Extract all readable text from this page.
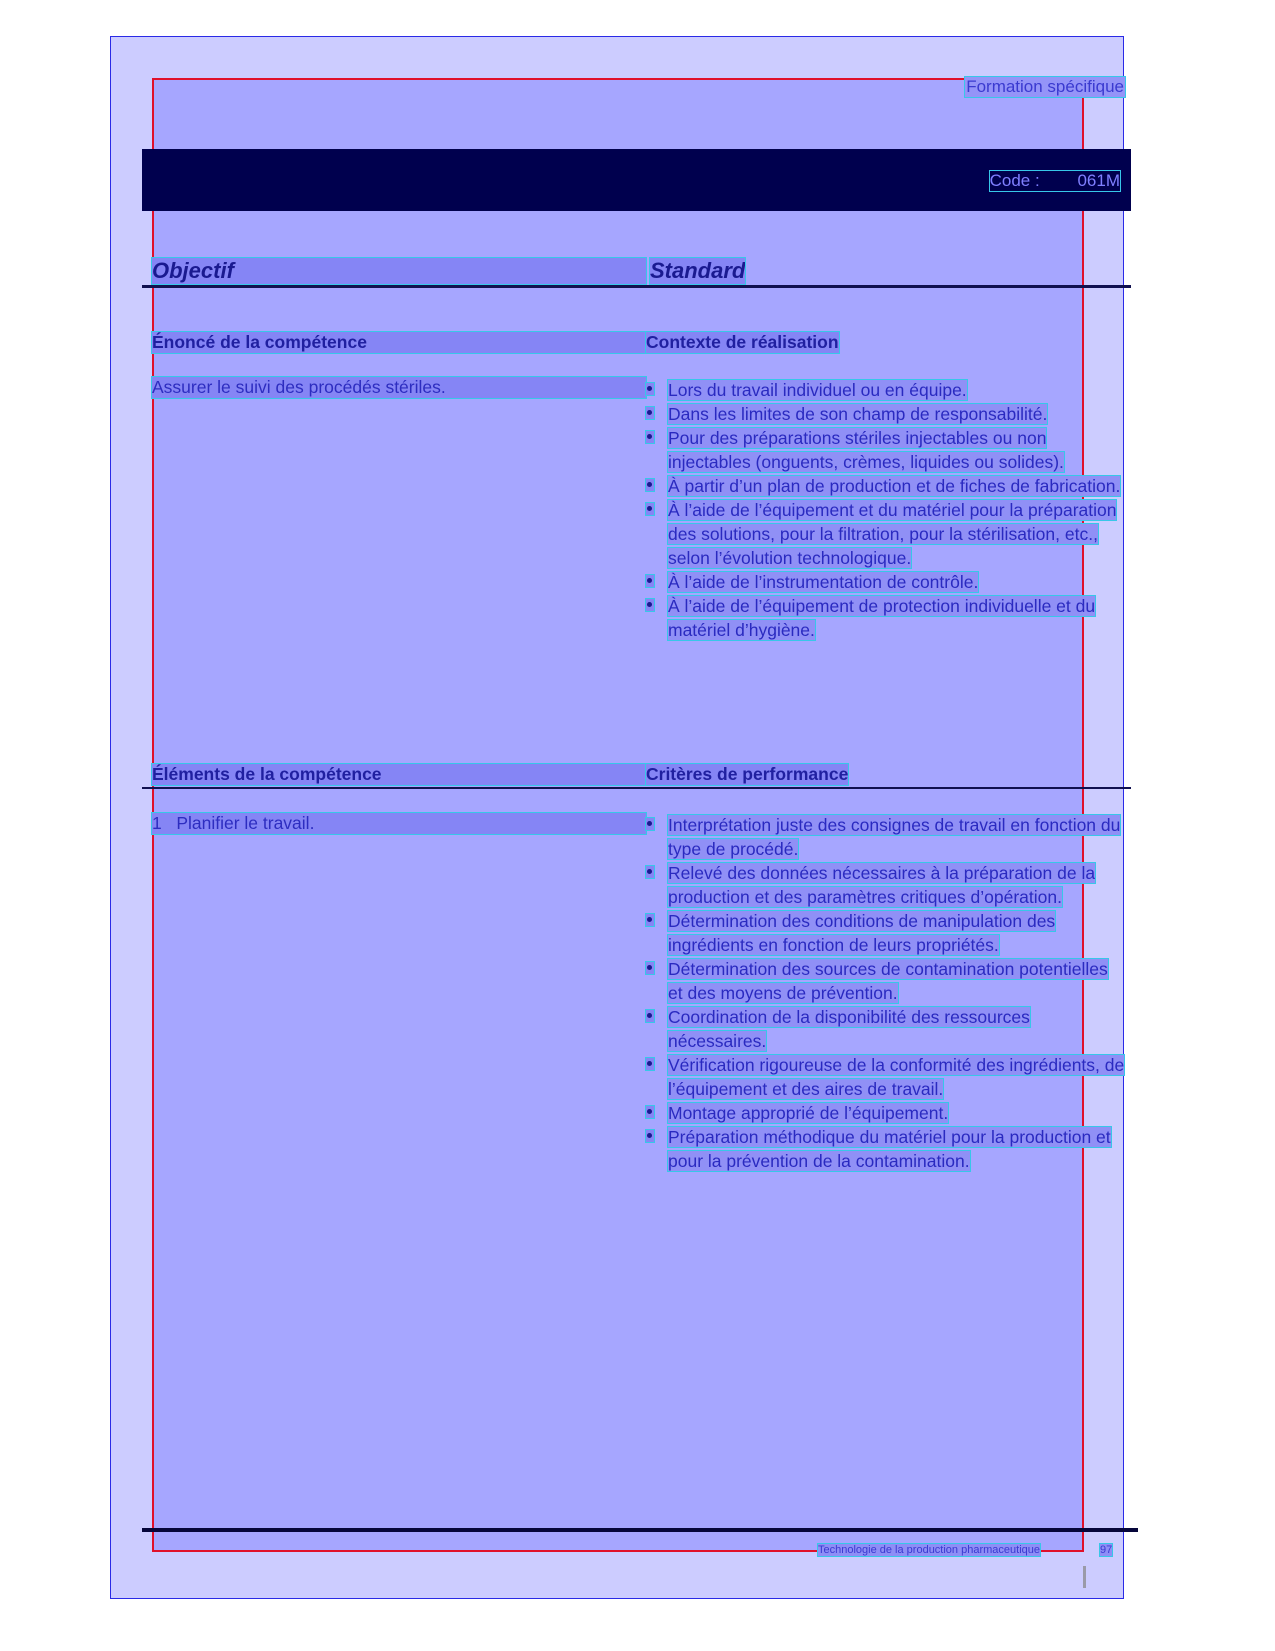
Formation spécifique
Code :        061M
Objectif	Standard
Énoncé de la compétence	Contexte de réalisation
Assurer le suivi des procédés stériles.	Lors du travail individuel ou en équipe.
Dans les limites de son champ de responsabilité.
Pour des préparations stériles injectables ou non injectables (onguents, crèmes, liquides ou solides).
À partir d’un plan de production et de fiches de fabrication.
À l’aide de l’équipement et du matériel pour la préparation des solutions, pour la filtration, pour la stérilisation, etc., selon l’évolution technologique.
À l’aide de l’instrumentation de contrôle.
À l’aide de l’équipement de protection individuelle et du matériel d’hygiène.
Éléments de la compétence	Critères de performance
1   Planifier le travail.	Interprétation juste des consignes de travail en fonction du type de procédé.
Relevé des données nécessaires à la préparation de la production et des paramètres critiques d’opération.
Détermination des conditions de manipulation des ingrédients en fonction de leurs propriétés.
Détermination des sources de contamination potentielles et des moyens de prévention.
Coordination de la disponibilité des ressources nécessaires.
Vérification rigoureuse de la conformité des ingrédients, de l’équipement et des aires de travail.
Montage approprié de l’équipement.
Préparation méthodique du matériel pour la production et pour la prévention de la contamination.
Technologie de la production pharmaceutique	97
